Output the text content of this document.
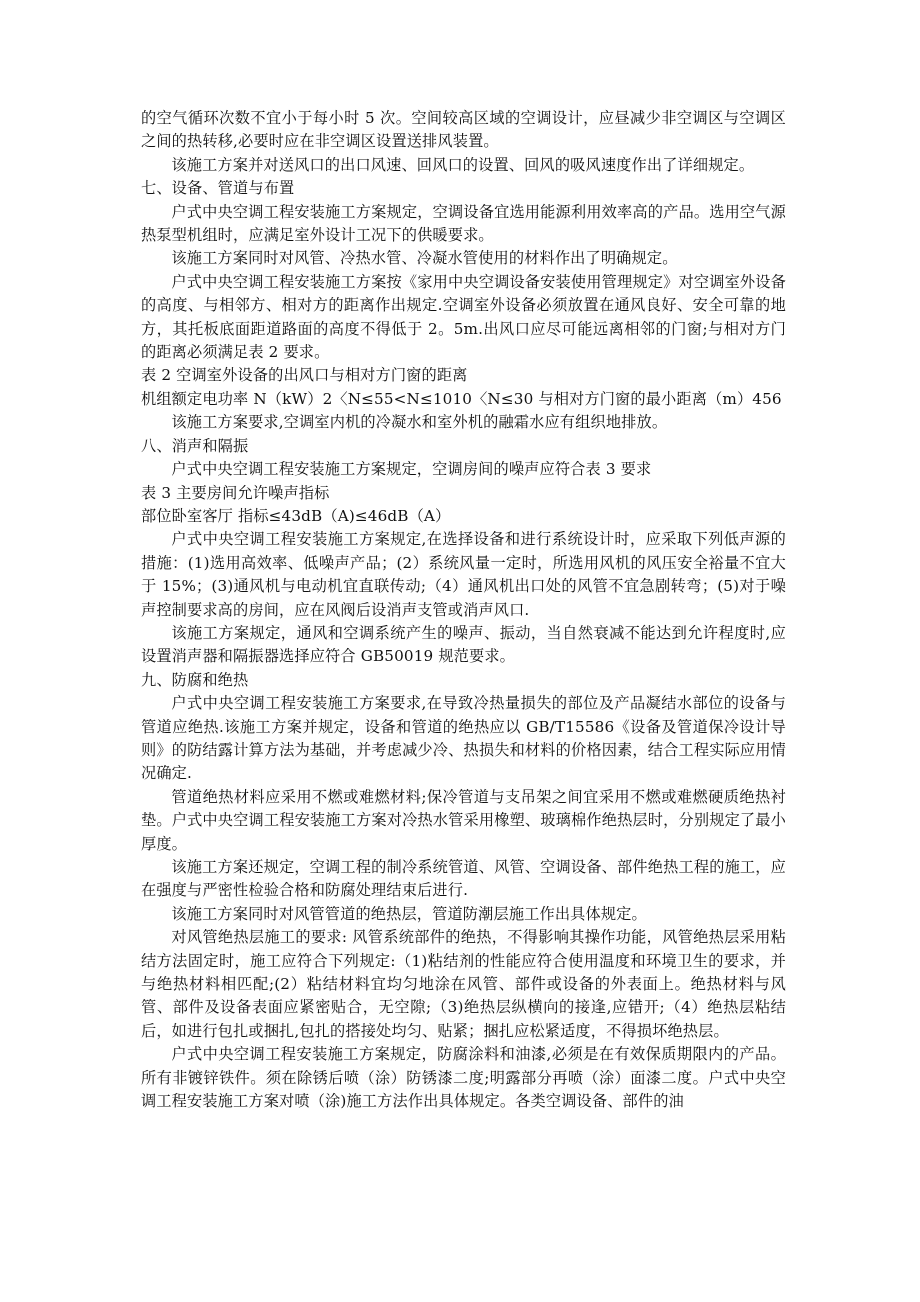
的空气循环次数不宜小于每小时 5 次。空间较高区域的空调设计，应昼减少非空调区与空调区之间的热转移,必要时应在非空调区设置送排风装置。

该施工方案并对送风口的出口风速、回风口的设置、回风的吸风速度作出了详细规定。

七、设备、管道与布置

户式中央空调工程安装施工方案规定，空调设备宜选用能源利用效率高的产品。选用空气源热泵型机组时，应满足室外设计工况下的供暖要求。

该施工方案同时对风管、冷热水管、冷凝水管使用的材料作出了明确规定。

户式中央空调工程安装施工方案按《家用中央空调设备安装使用管理规定》对空调室外设备的高度、与相邻方、相对方的距离作出规定.空调室外设备必须放置在通风良好、安全可靠的地方，其托板底面距道路面的高度不得低于 2。5m.出风口应尽可能远离相邻的门窗;与相对方门的距离必须满足表 2 要求。

表 2 空调室外设备的出风口与相对方门窗的距离

机组额定电功率 N（kW）2〈N≤55<N≤1010〈N≤30 与相对方门窗的最小距离（m）456

该施工方案要求,空调室内机的冷凝水和室外机的融霜水应有组织地排放。

八、消声和隔振

户式中央空调工程安装施工方案规定，空调房间的噪声应符合表 3 要求

表 3 主要房间允许噪声指标

部位卧室客厅 指标≤43dB（A)≤46dB（A）

户式中央空调工程安装施工方案规定,在选择设备和进行系统设计时，应采取下列低声源的措施：(1)选用高效率、低噪声产品；(2）系统风量一定时，所选用风机的风压安全裕量不宜大于 15%；(3)通风机与电动机宜直联传动;（4）通风机出口处的风管不宜急剧转弯；(5)对于噪声控制要求高的房间，应在风阀后设消声支管或消声风口.

该施工方案规定，通风和空调系统产生的噪声、振动，当自然衰减不能达到允许程度时,应设置消声器和隔振器选择应符合 GB50019 规范要求。

九、防腐和绝热

户式中央空调工程安装施工方案要求,在导致冷热量损失的部位及产品凝结水部位的设备与管道应绝热.该施工方案并规定，设备和管道的绝热应以 GB/T15586《设备及管道保冷设计导则》的防结露计算方法为基础，并考虑减少冷、热损失和材料的价格因素，结合工程实际应用情况确定.

管道绝热材料应采用不燃或难燃材料;保冷管道与支吊架之间宜采用不燃或难燃硬质绝热衬垫。户式中央空调工程安装施工方案对冷热水管采用橡塑、玻璃棉作绝热层时，分别规定了最小厚度。

该施工方案还规定，空调工程的制冷系统管道、风管、空调设备、部件绝热工程的施工，应在强度与严密性检验合格和防腐处理结束后进行.

该施工方案同时对风管管道的绝热层，管道防潮层施工作出具体规定。

对风管绝热层施工的要求: 风管系统部件的绝热，不得影响其操作功能，风管绝热层采用粘结方法固定时，施工应符合下列规定:（1)粘结剂的性能应符合使用温度和环境卫生的要求，并与绝热材料相匹配;(2）粘结材料宜均匀地涂在风管、部件或设备的外表面上。绝热材料与风管、部件及设备表面应紧密贴合，无空隙;（3)绝热层纵横向的接逢,应错开;（4）绝热层粘结后，如进行包扎或捆扎,包扎的搭接处均匀、贴紧；捆扎应松紧适度，不得损坏绝热层。

户式中央空调工程安装施工方案规定，防腐涂料和油漆,必须是在有效保质期限内的产品。所有非镀锌铁件。须在除锈后喷（涂）防锈漆二度;明露部分再喷（涂）面漆二度。户式中央空调工程安装施工方案对喷（涂)施工方法作出具体规定。各类空调设备、部件的油
